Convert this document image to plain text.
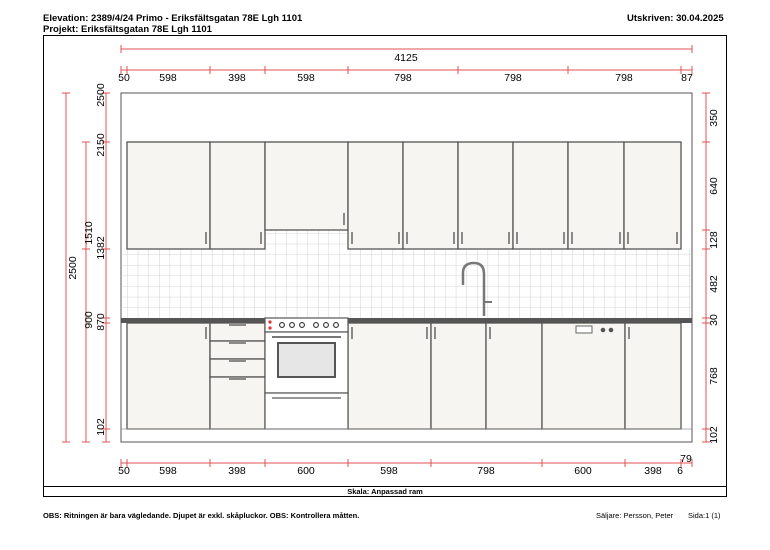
Elevation: 2389/4/24 Primo - Eriksfältsgatan 78E Lgh 1101
Projekt: Eriksfältsgatan 78E Lgh 1101
Utskriven: 30.04.2025
4125
50	598	398	598	798	798	798	87
50	598	398	600	598	798	600	398 6
79
2500
2500
2150
1510
1382
900 870
102
350
640
128
482
30
768
102
Skala: Anpassad ram
OBS: Ritningen är bara vägledande. Djupet är exkl. skåpluckor. OBS: Kontrollera måtten.	Säljare: Persson, Peter Sida:1 (1)
